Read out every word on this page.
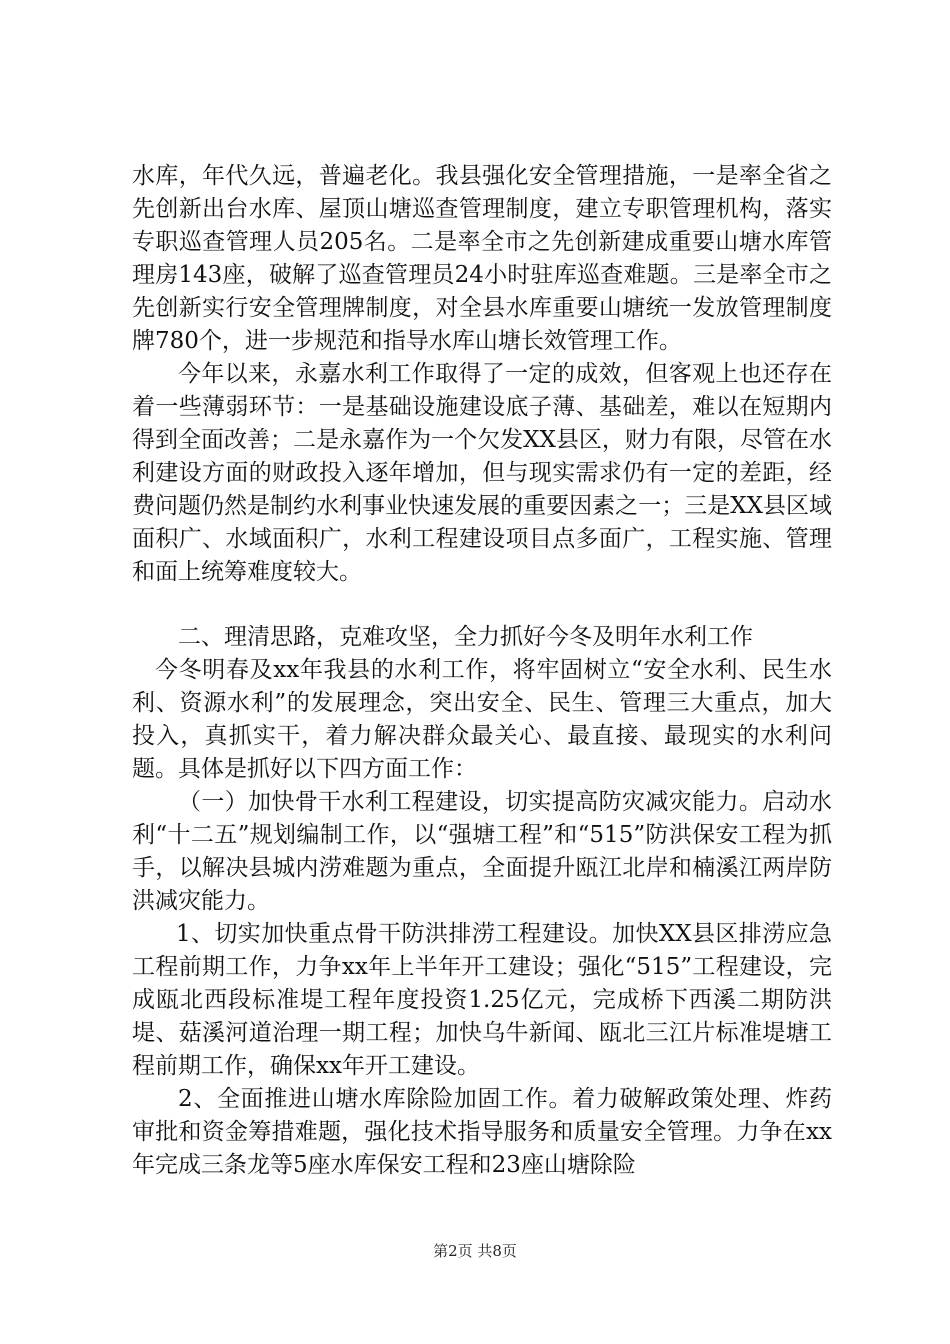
水库，年代久远，普遍老化。我县强化安全管理措施，一是率全省之先创新出台水库、屋顶山塘巡查管理制度，建立专职管理机构，落实专职巡查管理人员205名。二是率全市之先创新建成重要山塘水库管理房143座，破解了巡查管理员24小时驻库巡查难题。三是率全市之先创新实行安全管理牌制度，对全县水库重要山塘统一发放管理制度牌780个，进一步规范和指导水库山塘长效管理工作。

今年以来，永嘉水利工作取得了一定的成效，但客观上也还存在着一些薄弱环节：一是基础设施建设底子薄、基础差，难以在短期内得到全面改善；二是永嘉作为一个欠发XX县区，财力有限，尽管在水利建设方面的财政投入逐年增加，但与现实需求仍有一定的差距，经费问题仍然是制约水利事业快速发展的重要因素之一；三是XX县区域面积广、水域面积广，水利工程建设项目点多面广，工程实施、管理和面上统筹难度较大。

二、理清思路，克难攻坚，全力抓好今冬及明年水利工作

今冬明春及xx年我县的水利工作，将牢固树立“安全水利、民生水利、资源水利”的发展理念，突出安全、民生、管理三大重点，加大投入，真抓实干，着力解决群众最关心、最直接、最现实的水利问题。具体是抓好以下四方面工作：

（一）加快骨干水利工程建设，切实提高防灾减灾能力。启动水利“十二五”规划编制工作，以“强塘工程”和“515”防洪保安工程为抓手，以解决县城内涝难题为重点，全面提升瓯江北岸和楠溪江两岸防洪减灾能力。

1、切实加快重点骨干防洪排涝工程建设。加快XX县区排涝应急工程前期工作，力争xx年上半年开工建设；强化“515”工程建设，完成瓯北西段标准堤工程年度投资1.25亿元，完成桥下西溪二期防洪堤、菇溪河道治理一期工程；加快乌牛新闻、瓯北三江片标准堤塘工程前期工作，确保xx年开工建设。

2、全面推进山塘水库除险加固工作。着力破解政策处理、炸药审批和资金筹措难题，强化技术指导服务和质量安全管理。力争在xx年完成三条龙等5座水库保安工程和23座山塘除险

第2页 共8页
